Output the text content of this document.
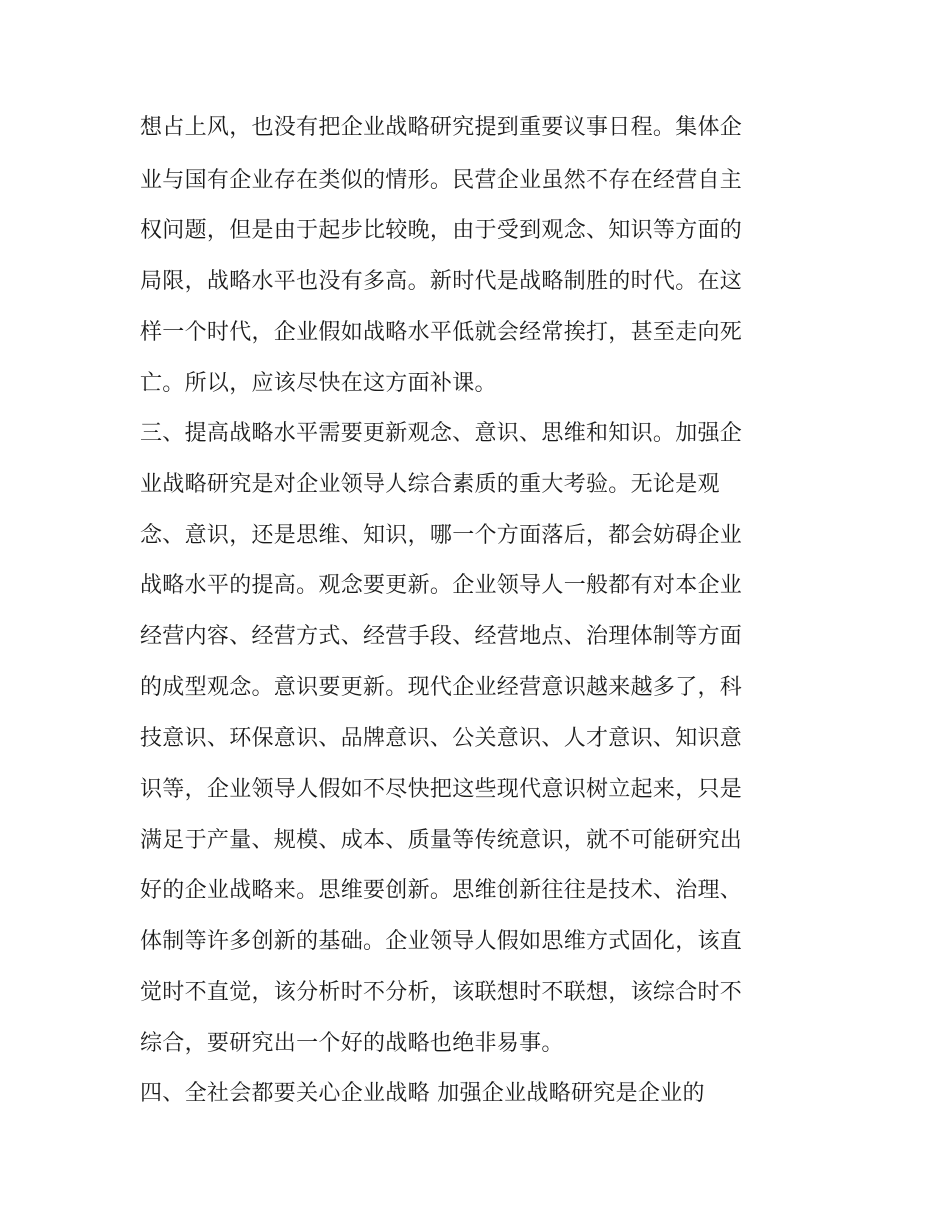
想占上风，也没有把企业战略研究提到重要议事日程。集体企

业与国有企业存在类似的情形。民营企业虽然不存在经营自主

权问题，但是由于起步比较晚，由于受到观念、知识等方面的

局限，战略水平也没有多高。新时代是战略制胜的时代。在这

样一个时代，企业假如战略水平低就会经常挨打，甚至走向死

亡。所以，应该尽快在这方面补课。

三、提高战略水平需要更新观念、意识、思维和知识。加强企

业战略研究是对企业领导人综合素质的重大考验。无论是观

念、意识，还是思维、知识，哪一个方面落后，都会妨碍企业

战略水平的提高。观念要更新。企业领导人一般都有对本企业

经营内容、经营方式、经营手段、经营地点、治理体制等方面

的成型观念。意识要更新。现代企业经营意识越来越多了，科

技意识、环保意识、品牌意识、公关意识、人才意识、知识意

识等，企业领导人假如不尽快把这些现代意识树立起来，只是

满足于产量、规模、成本、质量等传统意识，就不可能研究出

好的企业战略来。思维要创新。思维创新往往是技术、治理、

体制等许多创新的基础。企业领导人假如思维方式固化，该直

觉时不直觉，该分析时不分析，该联想时不联想，该综合时不

综合，要研究出一个好的战略也绝非易事。

四、全社会都要关心企业战略 加强企业战略研究是企业的
